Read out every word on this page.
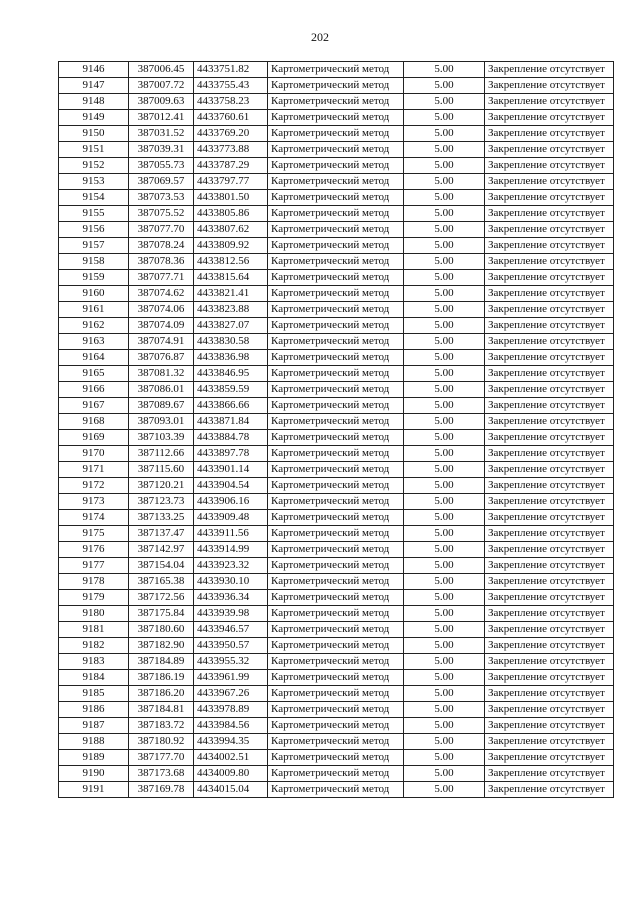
202
9146	387006.45	4433751.82	Картометрический метод	5.00	Закрепление отсутствует
9147	387007.72	4433755.43	Картометрический метод	5.00	Закрепление отсутствует
9148	387009.63	4433758.23	Картометрический метод	5.00	Закрепление отсутствует
9149	387012.41	4433760.61	Картометрический метод	5.00	Закрепление отсутствует
9150	387031.52	4433769.20	Картометрический метод	5.00	Закрепление отсутствует
9151	387039.31	4433773.88	Картометрический метод	5.00	Закрепление отсутствует
9152	387055.73	4433787.29	Картометрический метод	5.00	Закрепление отсутствует
9153	387069.57	4433797.77	Картометрический метод	5.00	Закрепление отсутствует
9154	387073.53	4433801.50	Картометрический метод	5.00	Закрепление отсутствует
9155	387075.52	4433805.86	Картометрический метод	5.00	Закрепление отсутствует
9156	387077.70	4433807.62	Картометрический метод	5.00	Закрепление отсутствует
9157	387078.24	4433809.92	Картометрический метод	5.00	Закрепление отсутствует
9158	387078.36	4433812.56	Картометрический метод	5.00	Закрепление отсутствует
9159	387077.71	4433815.64	Картометрический метод	5.00	Закрепление отсутствует
9160	387074.62	4433821.41	Картометрический метод	5.00	Закрепление отсутствует
9161	387074.06	4433823.88	Картометрический метод	5.00	Закрепление отсутствует
9162	387074.09	4433827.07	Картометрический метод	5.00	Закрепление отсутствует
9163	387074.91	4433830.58	Картометрический метод	5.00	Закрепление отсутствует
9164	387076.87	4433836.98	Картометрический метод	5.00	Закрепление отсутствует
9165	387081.32	4433846.95	Картометрический метод	5.00	Закрепление отсутствует
9166	387086.01	4433859.59	Картометрический метод	5.00	Закрепление отсутствует
9167	387089.67	4433866.66	Картометрический метод	5.00	Закрепление отсутствует
9168	387093.01	4433871.84	Картометрический метод	5.00	Закрепление отсутствует
9169	387103.39	4433884.78	Картометрический метод	5.00	Закрепление отсутствует
9170	387112.66	4433897.78	Картометрический метод	5.00	Закрепление отсутствует
9171	387115.60	4433901.14	Картометрический метод	5.00	Закрепление отсутствует
9172	387120.21	4433904.54	Картометрический метод	5.00	Закрепление отсутствует
9173	387123.73	4433906.16	Картометрический метод	5.00	Закрепление отсутствует
9174	387133.25	4433909.48	Картометрический метод	5.00	Закрепление отсутствует
9175	387137.47	4433911.56	Картометрический метод	5.00	Закрепление отсутствует
9176	387142.97	4433914.99	Картометрический метод	5.00	Закрепление отсутствует
9177	387154.04	4433923.32	Картометрический метод	5.00	Закрепление отсутствует
9178	387165.38	4433930.10	Картометрический метод	5.00	Закрепление отсутствует
9179	387172.56	4433936.34	Картометрический метод	5.00	Закрепление отсутствует
9180	387175.84	4433939.98	Картометрический метод	5.00	Закрепление отсутствует
9181	387180.60	4433946.57	Картометрический метод	5.00	Закрепление отсутствует
9182	387182.90	4433950.57	Картометрический метод	5.00	Закрепление отсутствует
9183	387184.89	4433955.32	Картометрический метод	5.00	Закрепление отсутствует
9184	387186.19	4433961.99	Картометрический метод	5.00	Закрепление отсутствует
9185	387186.20	4433967.26	Картометрический метод	5.00	Закрепление отсутствует
9186	387184.81	4433978.89	Картометрический метод	5.00	Закрепление отсутствует
9187	387183.72	4433984.56	Картометрический метод	5.00	Закрепление отсутствует
9188	387180.92	4433994.35	Картометрический метод	5.00	Закрепление отсутствует
9189	387177.70	4434002.51	Картометрический метод	5.00	Закрепление отсутствует
9190	387173.68	4434009.80	Картометрический метод	5.00	Закрепление отсутствует
9191	387169.78	4434015.04	Картометрический метод	5.00	Закрепление отсутствует
